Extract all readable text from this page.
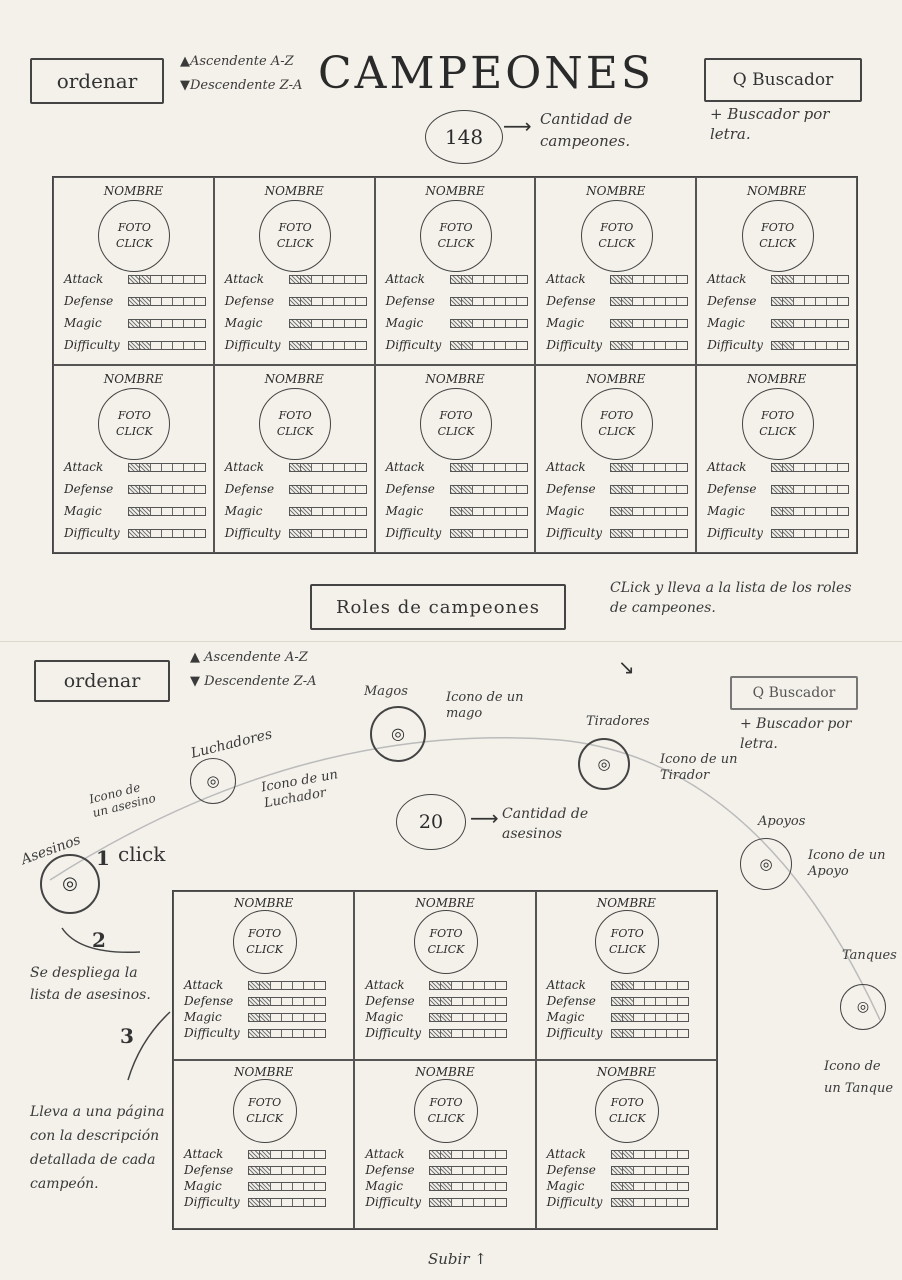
ordenar
▲Ascendente A-Z
▼Descendente Z-A CAMPEONES	Q Buscador
+ Buscador por letra.
148 ⟶ Cantidad de campeones.
NOMBRE
FOTO
CLICK
Attack
Defense
Magic
Difficulty
NOMBRE
FOTO
CLICK
Attack
Defense
Magic
Difficulty
NOMBRE
FOTO
CLICK
Attack
Defense
Magic
Difficulty
NOMBRE
FOTO
CLICK
Attack
Defense
Magic
Difficulty
NOMBRE
FOTO
CLICK
Attack
Defense
Magic
Difficulty
NOMBRE
FOTO
CLICK
Attack
Defense
Magic
Difficulty
NOMBRE
FOTO
CLICK
Attack
Defense
Magic
Difficulty
NOMBRE
FOTO
CLICK
Attack
Defense
Magic
Difficulty
NOMBRE
FOTO
CLICK
Attack
Defense
Magic
Difficulty
NOMBRE
FOTO
CLICK
Attack
Defense
Magic
Difficulty
Roles de campeones
CLick y lleva a la lista de los roles de campeones.
↘
ordenar
▲ Ascendente A-Z
▼ Descendente Z-A
Q Buscador
+ Buscador por letra.
◎
Asesinos
Icono de un asesino
1 click
◎
Luchadores
Icono de un Luchador
◎
Magos	Icono de un mago
◎
Tiradores
Icono de un Tirador
◎
Apoyos
Icono de un Apoyo
◎
Tanques
Icono de un Tanque
20 ⟶ Cantidad de asesinos
2
Se despliega la lista de asesinos.
3
Lleva a una página con la descripción detallada de cada campeón.
NOMBRE
FOTO
CLICK
Attack
Defense
Magic
Difficulty
NOMBRE
FOTO
CLICK
Attack
Defense
Magic
Difficulty
NOMBRE
FOTO
CLICK
Attack
Defense
Magic
Difficulty
NOMBRE
FOTO
CLICK
Attack
Defense
Magic
Difficulty
NOMBRE
FOTO
CLICK
Attack
Defense
Magic
Difficulty
NOMBRE
FOTO
CLICK
Attack
Defense
Magic
Difficulty
Subir ↑
